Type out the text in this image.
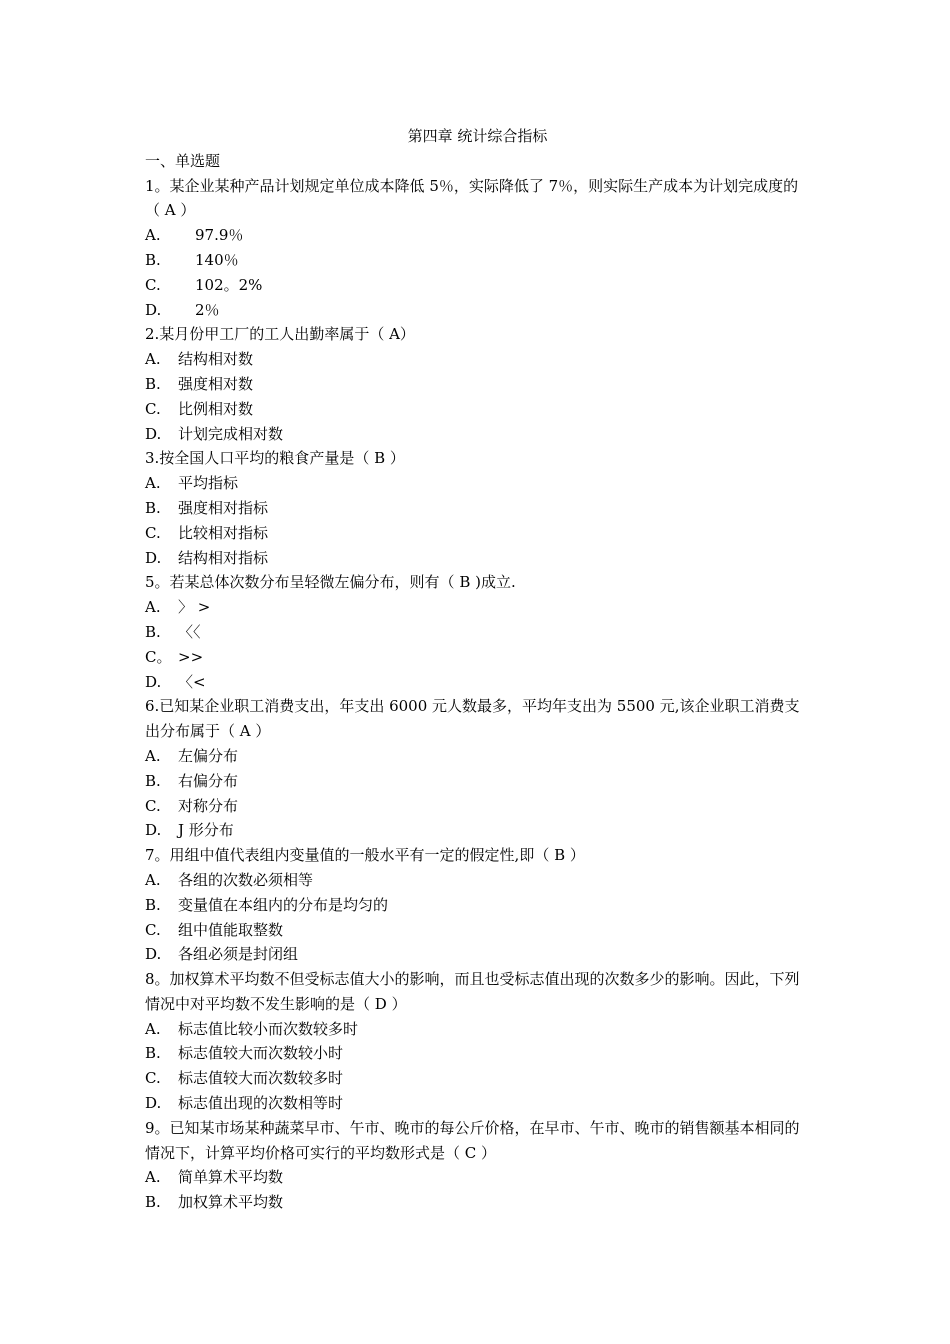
第四章 统计综合指标
一、单选题
1。某企业某种产品计划规定单位成本降低 5％，实际降低了 7％，则实际生产成本为计划完成度的（ A ）
A. 97.9％
B. 140％
C. 102。2%
D. 2％
2.某月份甲工厂的工人出勤率属于（ A）
A. 结构相对数
B. 强度相对数
C. 比例相对数
D. 计划完成相对数
3.按全国人口平均的粮食产量是（ B ）
A. 平均指标
B. 强度相对指标
C. 比较相对指标
D. 结构相对指标
5。若某总体次数分布呈轻微左偏分布，则有（ B )成立.
A. 〉 >
B. 〈〈
C。 >>
D. 〈<
6.已知某企业职工消费支出，年支出 6000 元人数最多，平均年支出为 5500 元,该企业职工消费支出分布属于（ A ）
A. 左偏分布
B. 右偏分布
C. 对称分布
D. J 形分布
7。用组中值代表组内变量值的一般水平有一定的假定性,即（ B ）
A. 各组的次数必须相等
B. 变量值在本组内的分布是均匀的
C. 组中值能取整数
D. 各组必须是封闭组
8。加权算术平均数不但受标志值大小的影响，而且也受标志值出现的次数多少的影响。因此，下列情况中对平均数不发生影响的是（ D ）
A. 标志值比较小而次数较多时
B. 标志值较大而次数较小时
C. 标志值较大而次数较多时
D. 标志值出现的次数相等时
9。已知某市场某种蔬菜早市、午市、晚市的每公斤价格，在早市、午市、晚市的销售额基本相同的情况下，计算平均价格可实行的平均数形式是（ C ）
A. 简单算术平均数
B. 加权算术平均数
